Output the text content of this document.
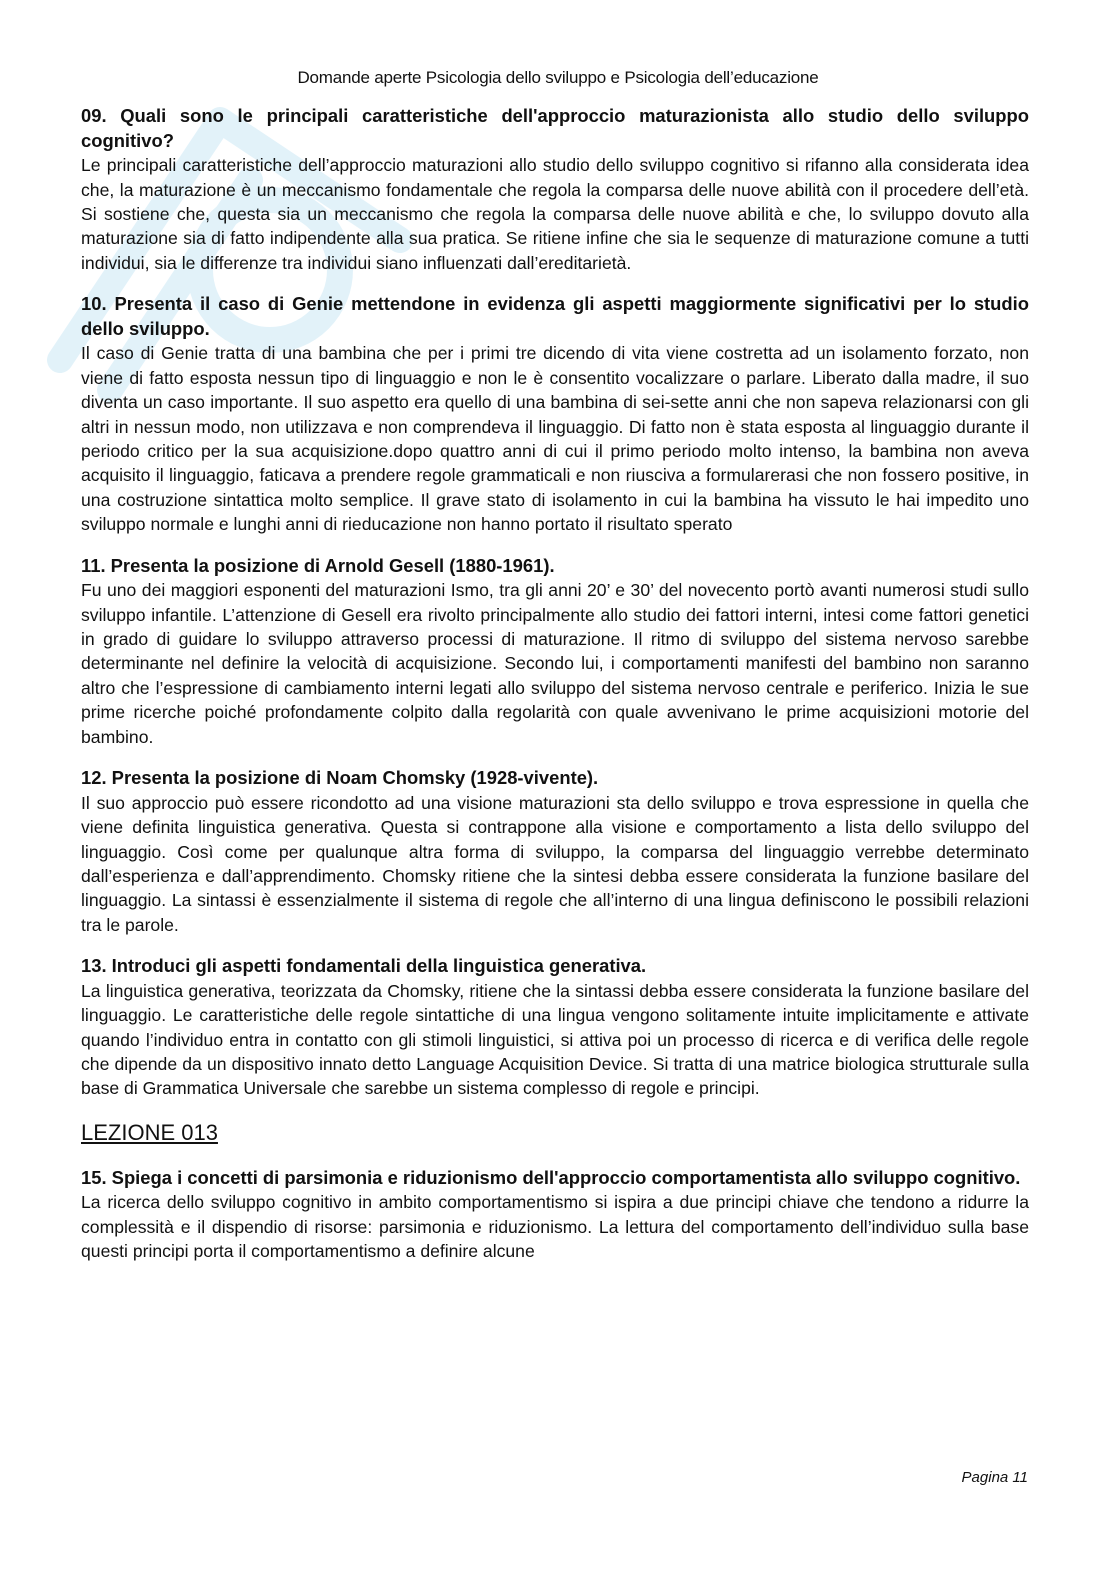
Domande aperte Psicologia dello sviluppo e Psicologia dell’educazione

09. Quali sono le principali caratteristiche dell'approccio maturazionista allo studio dello sviluppo cognitivo?

Le principali caratteristiche dell’approccio maturazioni allo studio dello sviluppo cognitivo si rifanno alla considerata idea che, la maturazione è un meccanismo fondamentale che regola la comparsa delle nuove abilità con il procedere dell’età. Si sostiene che, questa sia un meccanismo che regola la comparsa delle nuove abilità e che, lo sviluppo dovuto alla maturazione sia di fatto indipendente alla sua pratica. Se ritiene infine che sia le sequenze di maturazione comune a tutti individui, sia le differenze tra individui siano influenzati dall’ereditarietà.

10. Presenta il caso di Genie mettendone in evidenza gli aspetti maggiormente significativi per lo studio dello sviluppo.

Il caso di Genie tratta di una bambina che per i primi tre dicendo di vita viene costretta ad un isolamento forzato, non viene di fatto esposta nessun tipo di linguaggio e non le è consentito vocalizzare o parlare. Liberato dalla madre, il suo diventa un caso importante. Il suo aspetto era quello di una bambina di sei-sette anni che non sapeva relazionarsi con gli altri in nessun modo, non utilizzava e non comprendeva il linguaggio. Di fatto non è stata esposta al linguaggio durante il periodo critico per la sua acquisizione.dopo quattro anni di cui il primo periodo molto intenso, la bambina non aveva acquisito il linguaggio, faticava a prendere regole grammaticali e non riusciva a formularerasi che non fossero positive, in una costruzione sintattica molto semplice. Il grave stato di isolamento in cui la bambina ha vissuto le hai impedito uno sviluppo normale e lunghi anni di rieducazione non hanno portato il risultato sperato

11. Presenta la posizione di Arnold Gesell (1880-1961).

Fu uno dei maggiori esponenti del maturazioni Ismo, tra gli anni 20’ e 30’ del novecento portò avanti numerosi studi sullo sviluppo infantile. L’attenzione di Gesell era rivolto principalmente allo studio dei fattori interni, intesi come fattori genetici in grado di guidare lo sviluppo attraverso processi di maturazione. Il ritmo di sviluppo del sistema nervoso sarebbe determinante nel definire la velocità di acquisizione. Secondo lui, i comportamenti manifesti del bambino non saranno altro che l’espressione di cambiamento interni legati allo sviluppo del sistema nervoso centrale e periferico. Inizia le sue prime ricerche poiché profondamente colpito dalla regolarità con quale avvenivano le prime acquisizioni motorie del bambino.

12. Presenta la posizione di Noam Chomsky (1928-vivente).

Il suo approccio può essere ricondotto ad una visione maturazioni sta dello sviluppo e trova espressione in quella che viene definita linguistica generativa. Questa si contrappone alla visione e comportamento a lista dello sviluppo del linguaggio. Così come per qualunque altra forma di sviluppo, la comparsa del linguaggio verrebbe determinato dall’esperienza e dall’apprendimento. Chomsky ritiene che la sintesi debba essere considerata la funzione basilare del linguaggio. La sintassi è essenzialmente il sistema di regole che all’interno di una lingua definiscono le possibili relazioni tra le parole.

13. Introduci gli aspetti fondamentali della linguistica generativa.

La linguistica generativa, teorizzata da Chomsky, ritiene che la sintassi debba essere considerata la funzione basilare del linguaggio. Le caratteristiche delle regole sintattiche di una lingua vengono solitamente intuite implicitamente e attivate quando l’individuo entra in contatto con gli stimoli linguistici, si attiva poi un processo di ricerca e di verifica delle regole che dipende da un dispositivo innato detto Language Acquisition Device. Si tratta di una matrice biologica strutturale sulla base di Grammatica Universale che sarebbe un sistema complesso di regole e principi.

LEZIONE 013

15. Spiega i concetti di parsimonia e riduzionismo dell'approccio comportamentista allo sviluppo cognitivo.

La ricerca dello sviluppo cognitivo in ambito comportamentismo si ispira a due principi chiave che tendono a ridurre la complessità e il dispendio di risorse: parsimonia e riduzionismo. La lettura del comportamento dell’individuo sulla base questi principi porta il comportamentismo a definire alcune

Pagina 11
